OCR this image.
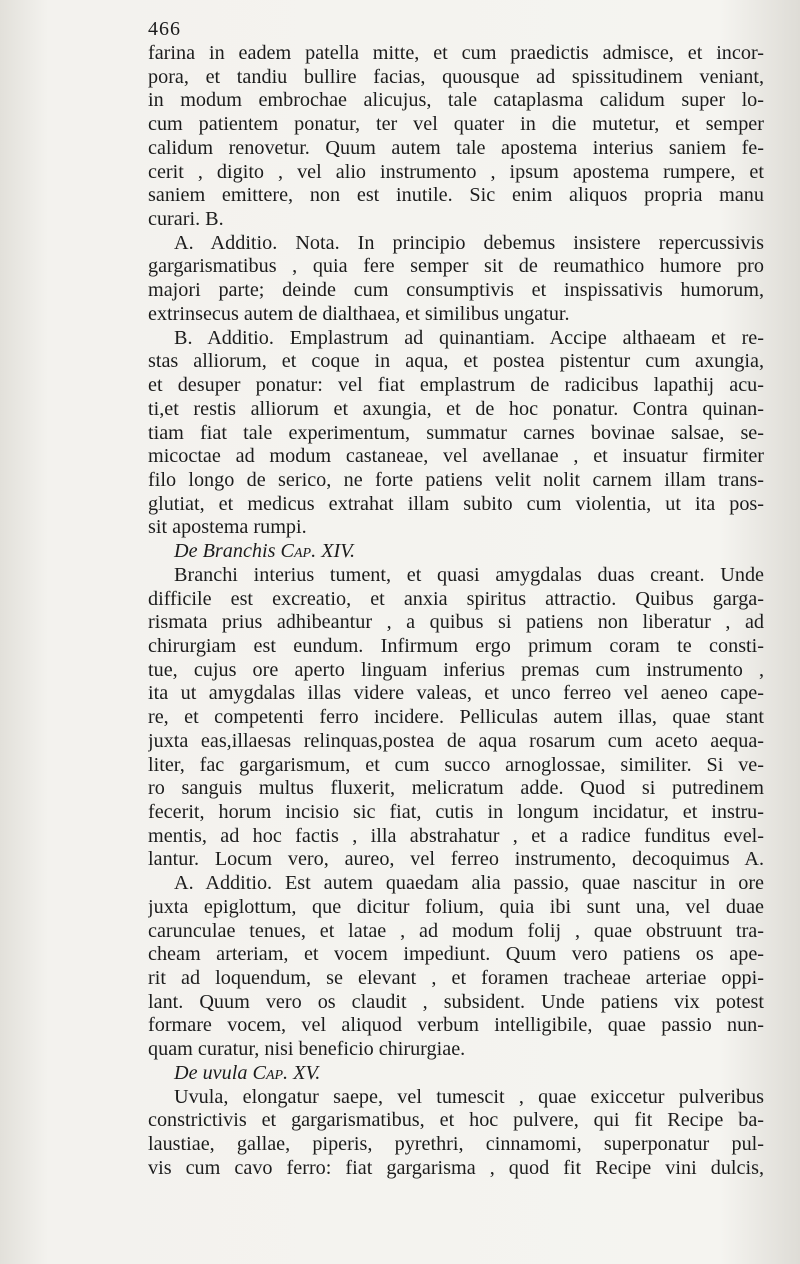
466
farina in eadem patella mitte, et cum praedictis admisce, et incor-
pora, et tandiu bullire facias, quousque ad spissitudinem veniant,
in modum embrochae alicujus, tale cataplasma calidum super lo-
cum patientem ponatur, ter vel quater in die mutetur, et semper
calidum renovetur. Quum autem tale apostema interius saniem fe-
cerit , digito , vel alio instrumento , ipsum apostema rumpere, et
saniem emittere, non est inutile. Sic enim aliquos propria manu
curari. B.
A. Additio. Nota. In principio debemus insistere repercussivis
gargarismatibus , quia fere semper sit de reumathico humore pro
majori parte; deinde cum consumptivis et inspissativis humorum,
extrinsecus autem de dialthaea, et similibus ungatur.
B. Additio. Emplastrum ad quinantiam. Accipe althaeam et re-
stas alliorum, et coque in aqua, et postea pistentur cum axungia,
et desuper ponatur: vel fiat emplastrum de radicibus lapathij acu-
ti,et restis alliorum et axungia, et de hoc ponatur. Contra quinan-
tiam fiat tale experimentum, summatur carnes bovinae salsae, se-
micoctae ad modum castaneae, vel avellanae , et insuatur firmiter
filo longo de serico, ne forte patiens velit nolit carnem illam trans-
glutiat, et medicus extrahat illam subito cum violentia, ut ita pos-
sit apostema rumpi.
De Branchis Cap. XIV.
Branchi interius tument, et quasi amygdalas duas creant. Unde
difficile est excreatio, et anxia spiritus attractio. Quibus garga-
rismata prius adhibeantur , a quibus si patiens non liberatur , ad
chirurgiam est eundum. Infirmum ergo primum coram te consti-
tue, cujus ore aperto linguam inferius premas cum instrumento ,
ita ut amygdalas illas videre valeas, et unco ferreo vel aeneo cape-
re, et competenti ferro incidere. Pelliculas autem illas, quae stant
juxta eas,illaesas relinquas,postea de aqua rosarum cum aceto aequa-
liter, fac gargarismum, et cum succo arnoglossae, similiter. Si ve-
ro sanguis multus fluxerit, melicratum adde. Quod si putredinem
fecerit, horum incisio sic fiat, cutis in longum incidatur, et instru-
mentis, ad hoc factis , illa abstrahatur , et a radice funditus evel-
lantur. Locum vero, aureo, vel ferreo instrumento, decoquimus A.
A. Additio. Est autem quaedam alia passio, quae nascitur in ore
juxta epiglottum, que dicitur folium, quia ibi sunt una, vel duae
carunculae tenues, et latae , ad modum folij , quae obstruunt tra-
cheam arteriam, et vocem impediunt. Quum vero patiens os ape-
rit ad loquendum, se elevant , et foramen tracheae arteriae oppi-
lant. Quum vero os claudit , subsident. Unde patiens vix potest
formare vocem, vel aliquod verbum intelligibile, quae passio nun-
quam curatur, nisi beneficio chirurgiae.
De uvula Cap. XV.
Uvula, elongatur saepe, vel tumescit , quae exiccetur pulveribus
constrictivis et gargarismatibus, et hoc pulvere, qui fit Recipe ba-
laustiae, gallae, piperis, pyrethri, cinnamomi, superponatur pul-
vis cum cavo ferro: fiat gargarisma , quod fit Recipe vini dulcis,
